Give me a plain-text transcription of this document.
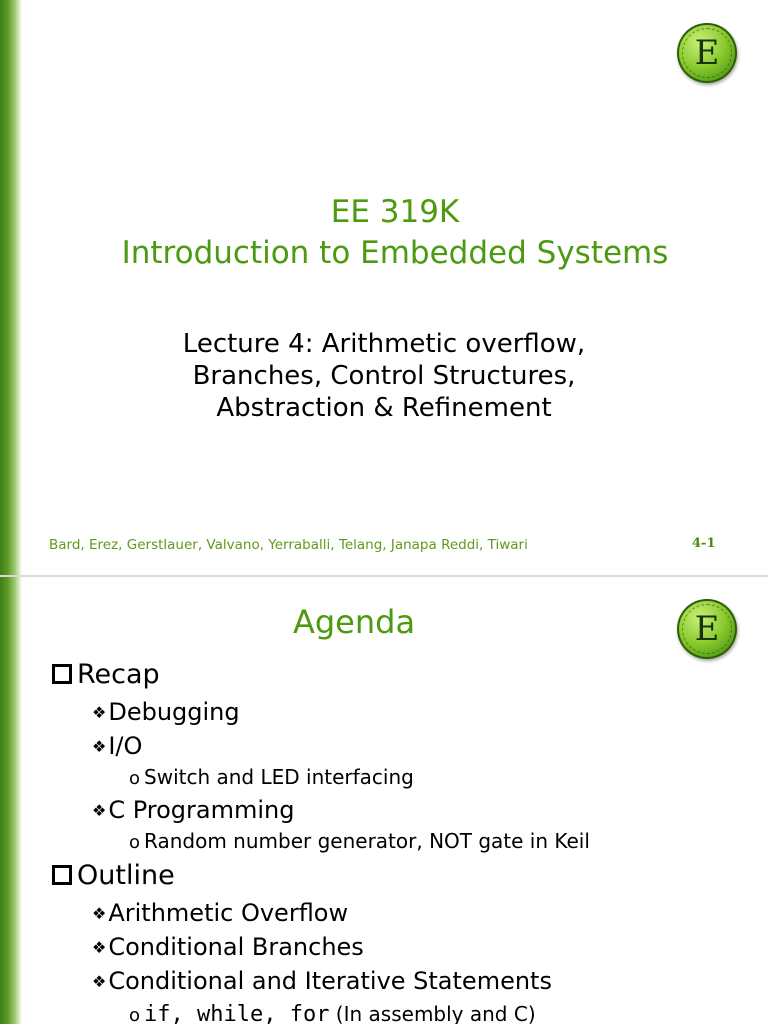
E
EE 319K
Introduction to Embedded Systems
Lecture 4: Arithmetic overflow,
Branches, Control Structures,
Abstraction & Refinement
Bard, Erez, Gerstlauer, Valvano, Yerraballi, Telang, Janapa Reddi, Tiwari	4-1
E
Agenda
Recap
❖Debugging
❖I/O
o Switch and LED interfacing
❖C Programming
o Random number generator, NOT gate in Keil
Outline
❖Arithmetic Overflow
❖Conditional Branches
❖Conditional and Iterative Statements
o if, while, for (In assembly and C)
